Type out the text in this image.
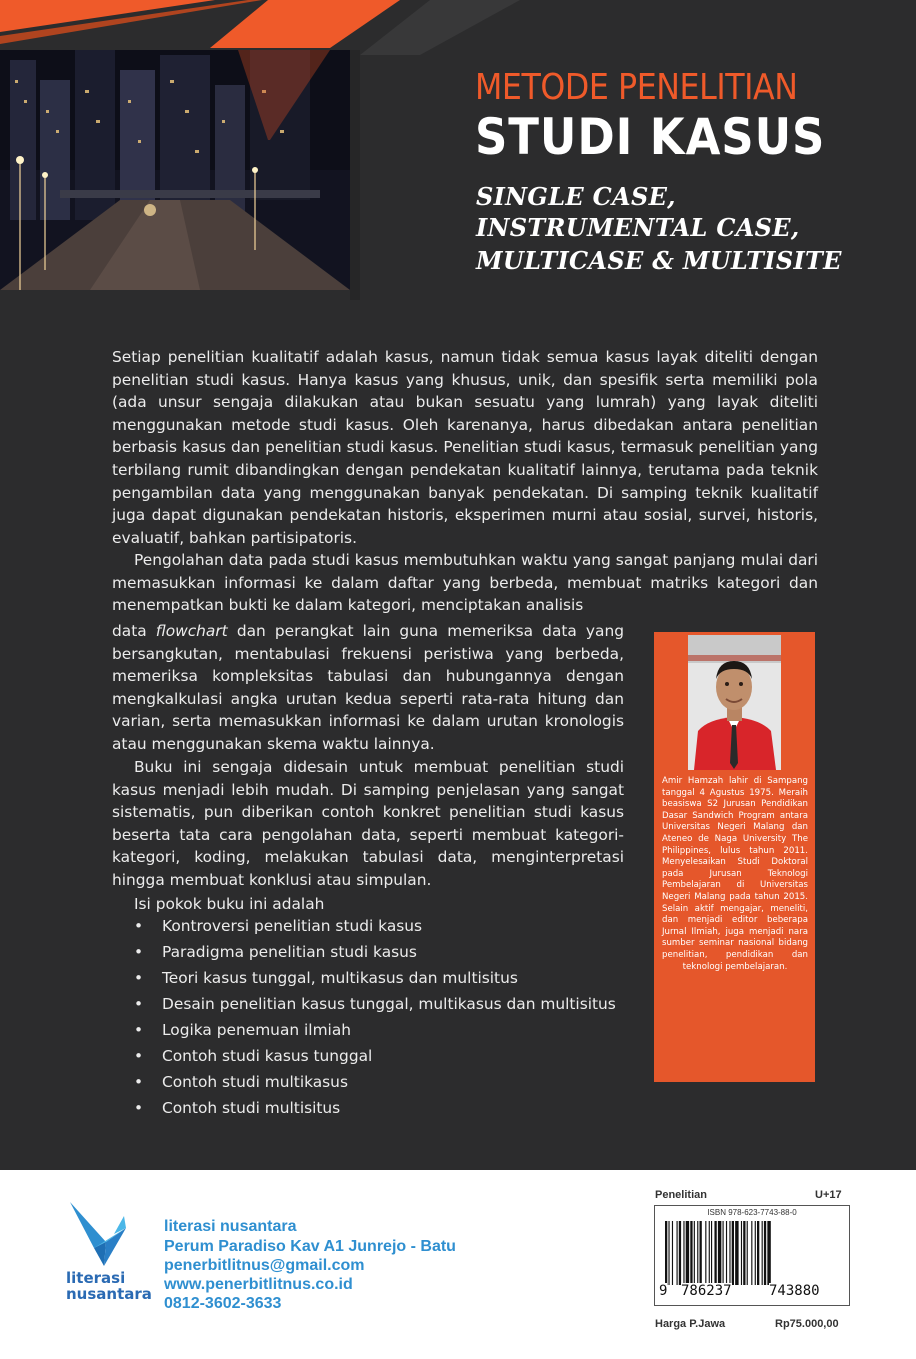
METODE PENELITIAN
STUDI KASUS
SINGLE CASE,
INSTRUMENTAL CASE,
MULTICASE & MULTISITE

Setiap penelitian kualitatif adalah kasus, namun tidak semua kasus layak diteliti dengan penelitian studi kasus. Hanya kasus yang khusus, unik, dan spesifik serta memiliki pola (ada unsur sengaja dilakukan atau bukan sesuatu yang lumrah) yang layak diteliti menggunakan metode studi kasus. Oleh karenanya, harus dibedakan antara penelitian berbasis kasus dan penelitian studi kasus. Penelitian studi kasus, termasuk penelitian yang terbilang rumit dibandingkan dengan pendekatan kualitatif lainnya, terutama pada teknik pengambilan data yang menggunakan banyak pendekatan. Di samping teknik kualitatif juga dapat digunakan pendekatan historis, eksperimen murni atau sosial, survei, historis, evaluatif, bahkan partisipatoris.

Pengolahan data pada studi kasus membutuhkan waktu yang sangat panjang mulai dari memasukkan informasi ke dalam daftar yang berbeda, membuat matriks kategori dan menempatkan bukti ke dalam kategori, menciptakan analisis

data flowchart dan perangkat lain guna memeriksa data yang bersangkutan, mentabulasi frekuensi peristiwa yang berbeda, memeriksa kompleksitas tabulasi dan hubungannya dengan mengkalkulasi angka urutan kedua seperti rata-rata hitung dan varian, serta memasukkan informasi ke dalam urutan kronologis atau menggunakan skema waktu lainnya.

Buku ini sengaja didesain untuk membuat penelitian studi kasus menjadi lebih mudah. Di samping penjelasan yang sangat sistematis, pun diberikan contoh konkret penelitian studi kasus beserta tata cara pengolahan data, seperti membuat kategori-kategori, koding, melakukan tabulasi data, menginterpretasi hingga membuat konklusi atau simpulan.

Isi pokok buku ini adalah

• Kontroversi penelitian studi kasus
• Paradigma penelitian studi kasus
• Teori kasus tunggal, multikasus dan multisitus
• Desain penelitian kasus tunggal, multikasus dan multisitus
• Logika penemuan ilmiah
• Contoh studi kasus tunggal
• Contoh studi multikasus
• Contoh studi multisitus

Amir Hamzah lahir di Sampang tanggal 4 Agustus 1975. Meraih beasiswa S2 Jurusan Pendidikan Dasar Sandwich Program antara Universitas Negeri Malang dan Ateneo de Naga University The Philippines, lulus tahun 2011. Menyelesaikan Studi Doktoral pada Jurusan Teknologi Pembelajaran di Universitas Negeri Malang pada tahun 2015. Selain aktif mengajar, meneliti, dan menjadi editor beberapa Jurnal Ilmiah, juga menjadi nara sumber seminar nasional bidang penelitian, pendidikan dan teknologi pembelajaran.

literasi
nusantara
literasi nusantara
Perum Paradiso Kav A1 Junrejo - Batu
penerbitlitnus@gmail.com
www.penerbitlitnus.co.id
0812-3602-3633
Penelitian	U+17
ISBN 978-623-7743-88-0
9 786237	743880
Harga P.Jawa	Rp75.000,00
